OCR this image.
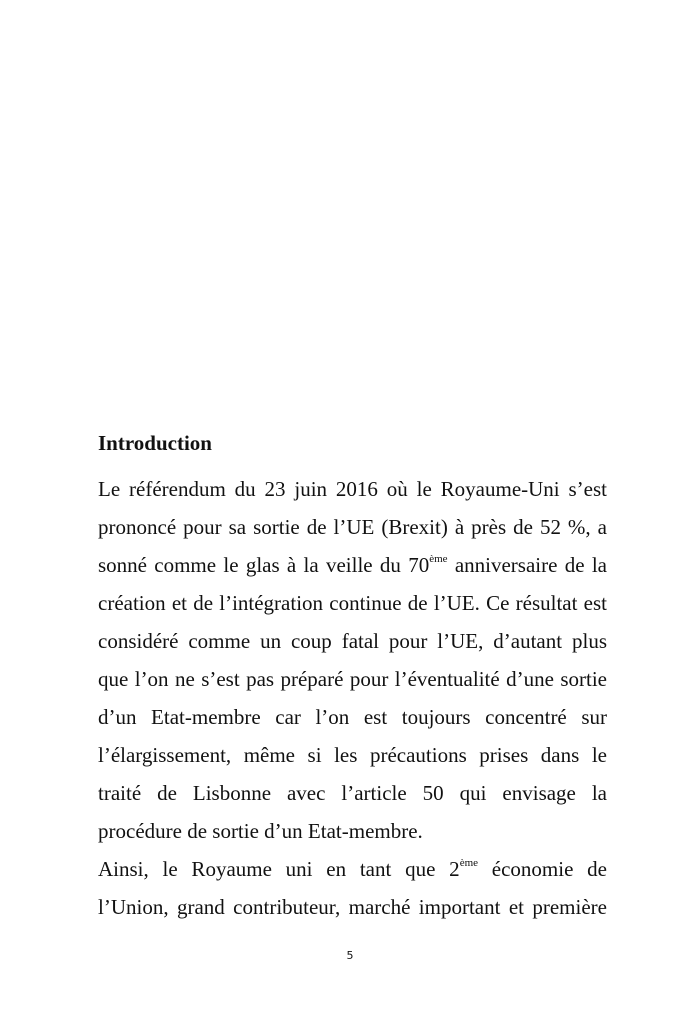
Introduction

Le référendum du 23 juin 2016 où le Royaume-Uni s’est

prononcé pour sa sortie de l’UE (Brexit) à près de 52 %, a

sonné comme le glas à la veille du 70ème anniversaire de la

création et de l’intégration continue de l’UE. Ce résultat est

considéré comme un coup fatal pour l’UE, d’autant plus

que l’on ne s’est pas préparé pour l’éventualité d’une sortie

d’un Etat-membre car l’on est toujours concentré sur

l’élargissement, même si les précautions prises dans le

traité de Lisbonne avec l’article 50 qui envisage la

procédure de sortie d’un Etat-membre.

Ainsi, le Royaume uni en tant que 2ème économie de

l’Union, grand contributeur, marché important et première

5
